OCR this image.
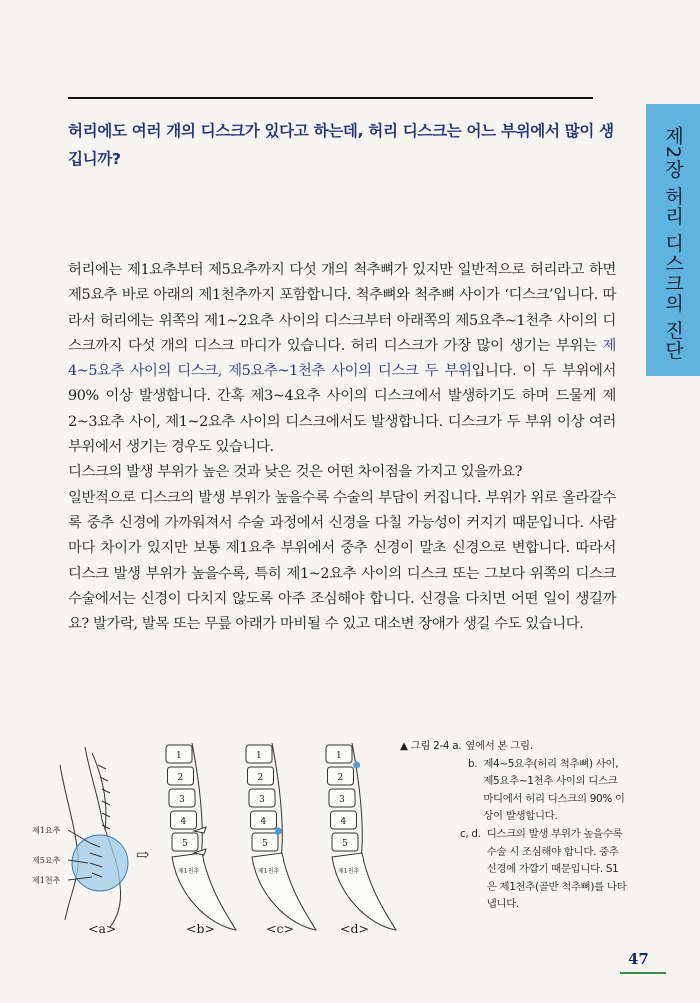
제2장 허리 디스크의 진단
허리에도 여러 개의 디스크가 있다고 하는데, 허리 디스크는 어느 부위에서 많이 생깁니까?

허리에는 제1요추부터 제5요추까지 다섯 개의 척추뼈가 있지만 일반적으로 허리라고 하면 제5요추 바로 아래의 제1천추까지 포함합니다. 척추뼈와 척추뼈 사이가 ‘디스크’입니다. 따라서 허리에는 위쪽의 제1~2요추 사이의 디스크부터 아래쪽의 제5요추~1천추 사이의 디스크까지 다섯 개의 디스크 마디가 있습니다. 허리 디스크가 가장 많이 생기는 부위는 제4~5요추 사이의 디스크, 제5요추~1천추 사이의 디스크 두 부위입니다. 이 두 부위에서 90% 이상 발생합니다. 간혹 제3~4요추 사이의 디스크에서 발생하기도 하며 드물게 제2~3요추 사이, 제1~2요추 사이의 디스크에서도 발생합니다. 디스크가 두 부위 이상 여러 부위에서 생기는 경우도 있습니다.

디스크의 발생 부위가 높은 것과 낮은 것은 어떤 차이점을 가지고 있을까요?

일반적으로 디스크의 발생 부위가 높을수록 수술의 부담이 커집니다. 부위가 위로 올라갈수록 중추 신경에 가까워져서 수술 과정에서 신경을 다칠 가능성이 커지기 때문입니다. 사람마다 차이가 있지만 보통 제1요추 부위에서 중추 신경이 말초 신경으로 변합니다. 따라서 디스크 발생 부위가 높을수록, 특히 제1~2요추 사이의 디스크 또는 그보다 위쪽의 디스크 수술에서는 신경이 다치지 않도록 아주 조심해야 합니다. 신경을 다치면 어떤 일이 생길까요? 발가락, 발목 또는 무릎 아래가 마비될 수 있고 대소변 장애가 생길 수도 있습니다.

제1요추
제5요추
제1천추
⇨
1
2
3
4
5
제1천추
1
2
3
4
5
제1천추
1
2
3
4
5
제1천추
<a>	<b>	<c>	<d>
▲ 그림 2-4 a. 옆에서 본 그림.
b. 제4~5요추(허리 척추뼈) 사이, 제5요추~1천추 사이의 디스크 마디에서 허리 디스크의 90% 이상이 발생합니다.
c, d. 디스크의 발생 부위가 높을수록 수술 시 조심해야 합니다. 중추 신경에 가깝기 때문입니다. S1은 제1천추(골반 척추뼈)를 나타냅니다.
47
